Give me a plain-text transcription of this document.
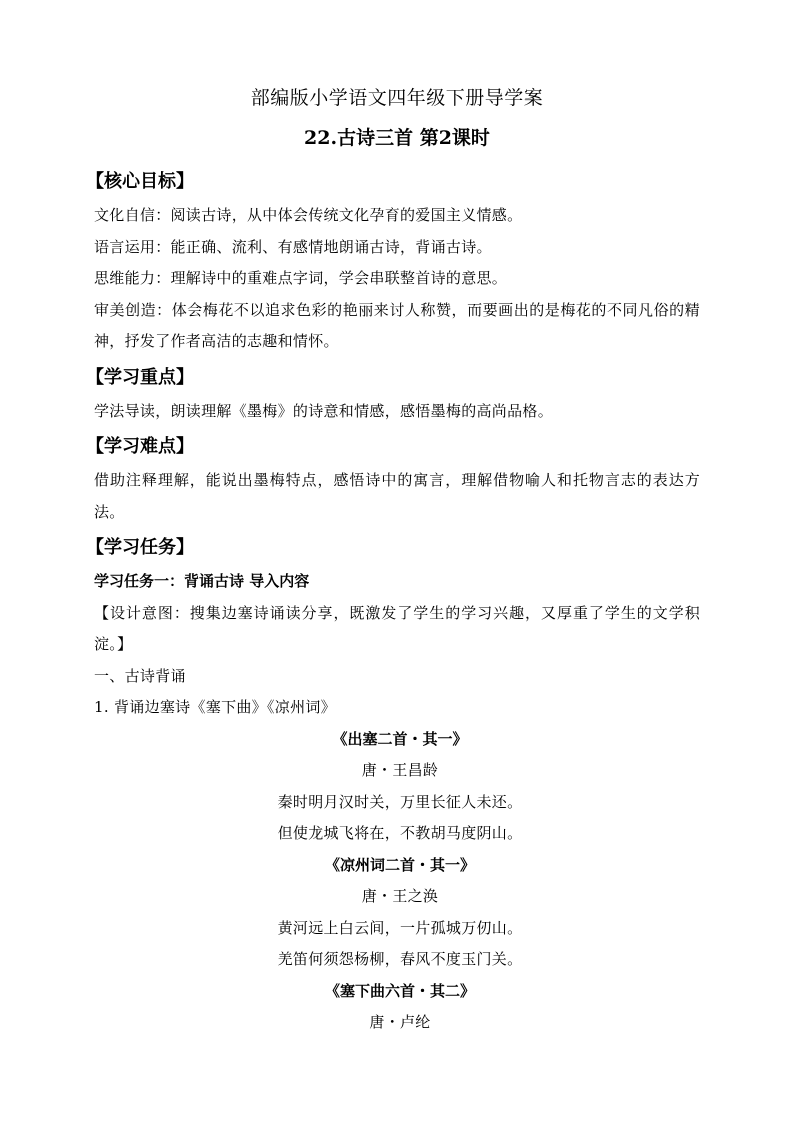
部编版小学语文四年级下册导学案
22.古诗三首 第2课时
【核心目标】

文化自信：阅读古诗，从中体会传统文化孕育的爱国主义情感。

语言运用：能正确、流利、有感情地朗诵古诗，背诵古诗。

思维能力：理解诗中的重难点字词，学会串联整首诗的意思。

审美创造：体会梅花不以追求色彩的艳丽来讨人称赞，而要画出的是梅花的不同凡俗的精神，抒发了作者高洁的志趣和情怀。

【学习重点】

学法导读，朗读理解《墨梅》的诗意和情感，感悟墨梅的高尚品格。

【学习难点】

借助注释理解，能说出墨梅特点，感悟诗中的寓言，理解借物喻人和托物言志的表达方法。

【学习任务】
学习任务一：背诵古诗 导入内容

【设计意图：搜集边塞诗诵读分享，既激发了学生的学习兴趣，又厚重了学生的文学积淀。】

一、古诗背诵

1. 背诵边塞诗《塞下曲》《凉州词》

《出塞二首・其一》
唐・王昌龄
秦时明月汉时关，万里长征人未还。
但使龙城飞将在，不教胡马度阴山。
《凉州词二首・其一》
唐・王之涣
黄河远上白云间，一片孤城万仞山。
羌笛何须怨杨柳，春风不度玉门关。
《塞下曲六首・其二》
唐・卢纶
